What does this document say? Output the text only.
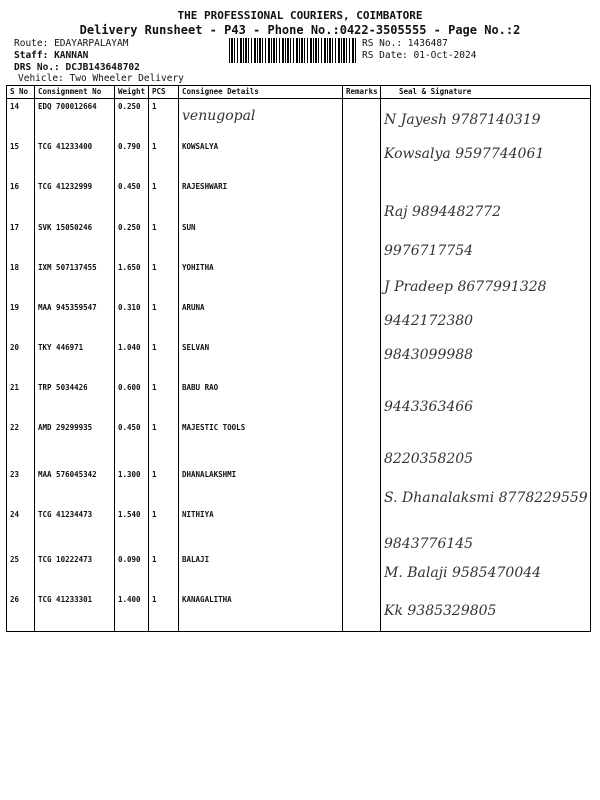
THE PROFESSIONAL COURIERS, COIMBATORE
Delivery Runsheet - P43 - Phone No.:0422-3505555 - Page No.:2
Route: EDAYARPALAYAM
Staff: KANNAN
DRS No.: DCJB143648702
Vehicle: Two Wheeler Delivery
RS No.: 1436487
RS Date: 01-Oct-2024
S No	Consignment No	Weight	PCS	Consignee Details	Remarks	Seal & Signature
14	EDQ 700012664	0.250	1	venugopal		N Jayesh 9787140319
15	TCG 41233400	0.790	1	KOWSALYA		Kowsalya 9597744061
16	TCG 41232999	0.450	1	RAJESHWARI		Raj 9894482772
17	SVK 15050246	0.250	1	SUN		9976717754
18	IXM 507137455	1.650	1	YOHITHA		J Pradeep 8677991328
19	MAA 945359547	0.310	1	ARUNA		9442172380
20	TKY 446971	1.040	1	SELVAN		9843099988
21	TRP 5034426	0.600	1	BABU RAO		9443363466
22	AMD 29299935	0.450	1	MAJESTIC TOOLS		8220358205
23	MAA 576045342	1.300	1	DHANALAKSHMI		S. Dhanalaksmi 8778229559
24	TCG 41234473	1.540	1	NITHIYA		9843776145
25	TCG 10222473	0.090	1	BALAJI		M. Balaji 9585470044
26	TCG 41233301	1.400	1	KANAGALITHA		Kk 9385329805
